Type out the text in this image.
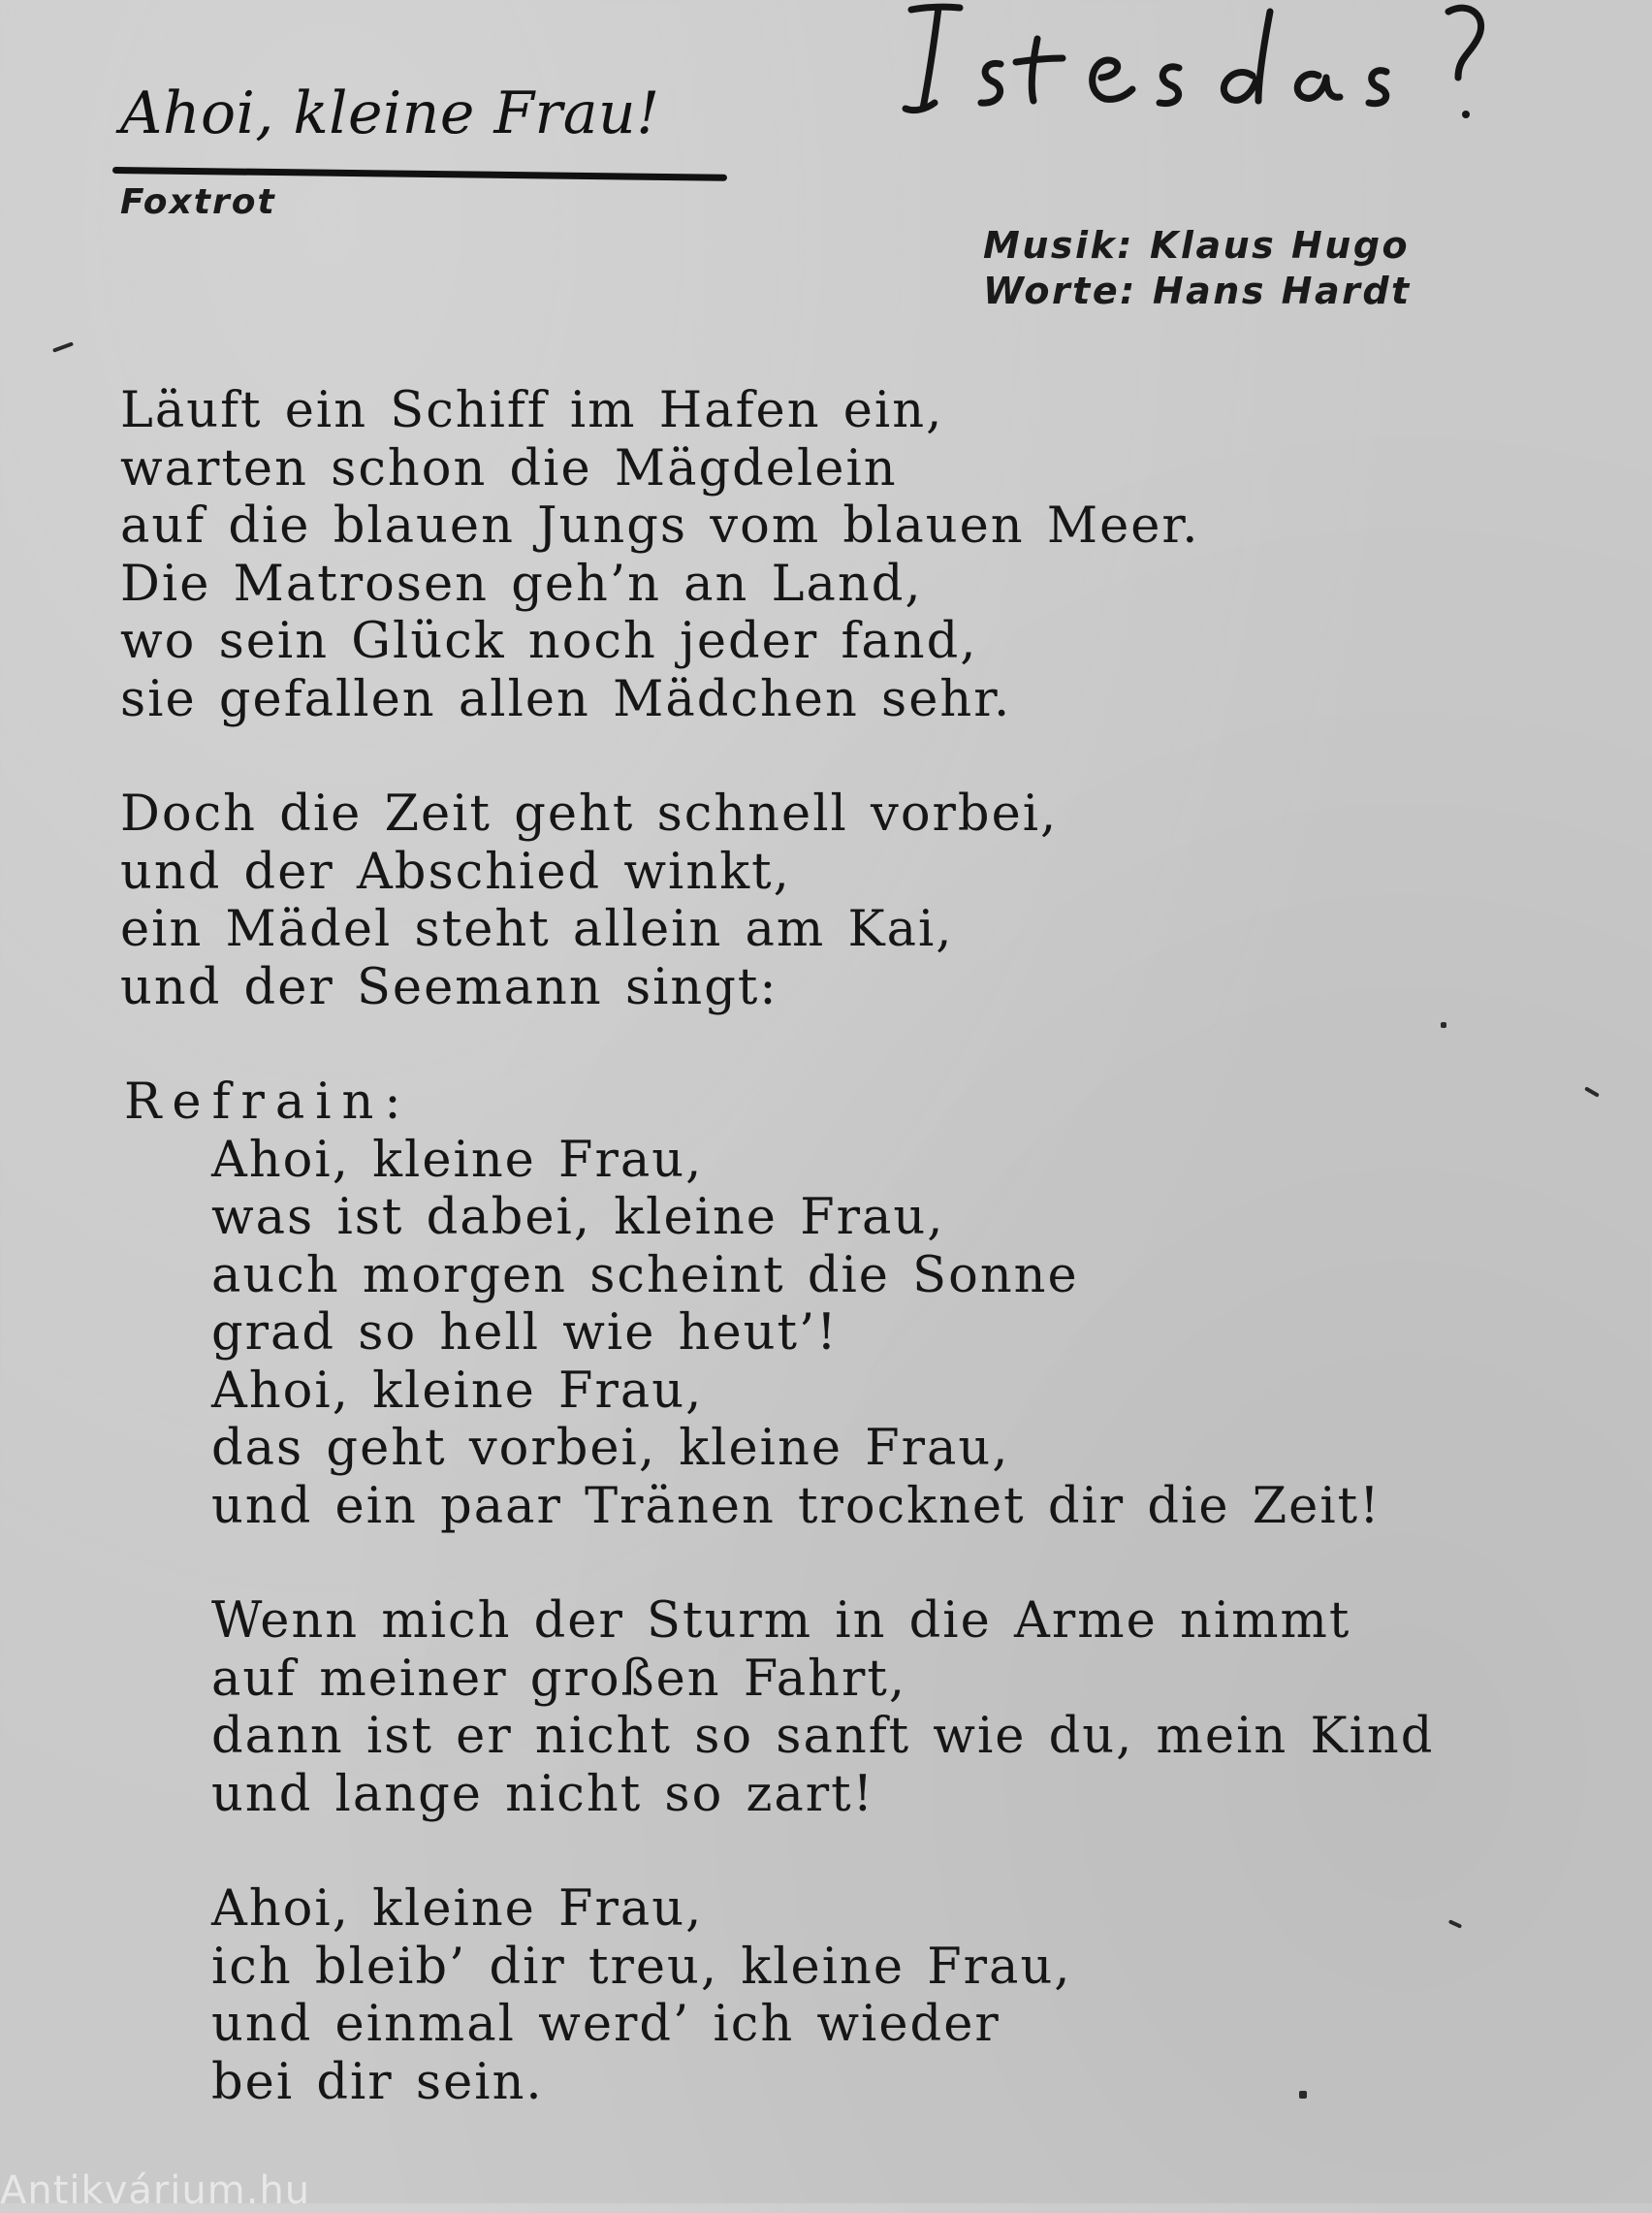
Ahoi, kleine Frau!
Foxtrot
Musik: Klaus Hugo
Worte: Hans Hardt
Läuft ein Schiff im Hafen ein,
warten schon die Mägdelein
auf die blauen Jungs vom blauen Meer.
Die Matrosen geh’n an Land,
wo sein Glück noch jeder fand,
sie gefallen allen Mädchen sehr.
Doch die Zeit geht schnell vorbei,
und der Abschied winkt,
ein Mädel steht allein am Kai,
und der Seemann singt:
Refrain:
Ahoi, kleine Frau,
was ist dabei, kleine Frau,
auch morgen scheint die Sonne
grad so hell wie heut’!
Ahoi, kleine Frau,
das geht vorbei, kleine Frau,
und ein paar Tränen trocknet dir die Zeit!
Wenn mich der Sturm in die Arme nimmt
auf meiner großen Fahrt,
dann ist er nicht so sanft wie du, mein Kind
und lange nicht so zart!
Ahoi, kleine Frau,
ich bleib’ dir treu, kleine Frau,
und einmal werd’ ich wieder
bei dir sein.
Antikvárium.hu
